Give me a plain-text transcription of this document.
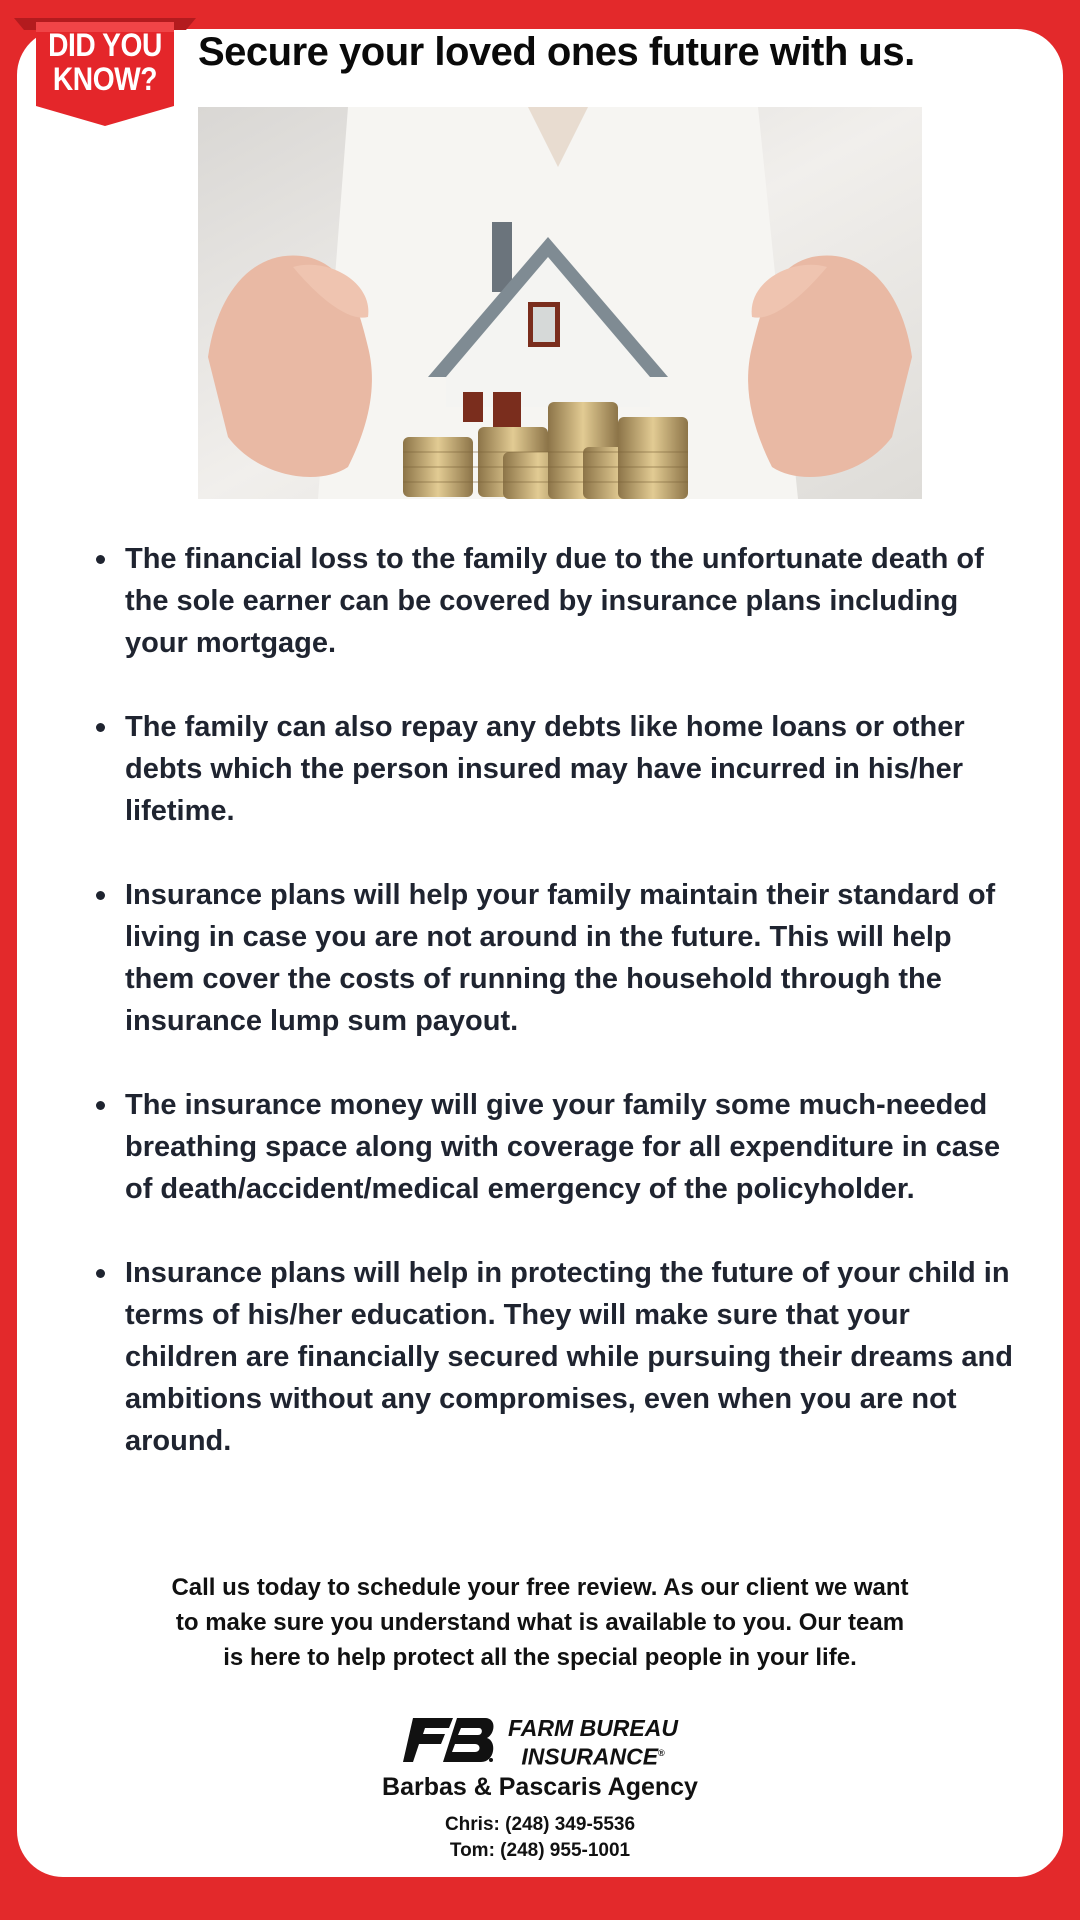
DID YOU
KNOW?
Secure your loved ones future with us.
The financial loss to the family due to the unfortunate death of the sole earner can be covered by insurance plans including your mortgage.
The family can also repay any debts like home loans or other debts which the person insured may have incurred in his/her lifetime.
Insurance plans will help your family maintain their standard of living in case you are not around in the future. This will help them cover the costs of running the household through the insurance lump sum payout.
The insurance money will give your family some much-needed breathing space along with coverage for all expenditure in case of death/accident/medical emergency of the policyholder.
Insurance plans will help in protecting the future of your child in terms of his/her education. They will make sure that your children are financially secured while pursuing their dreams and ambitions without any compromises, even when you are not around.
Call us today to schedule your free review. As our client we want
to make sure you understand what is available to you. Our team
is here to help protect all the special people in your life.
FARM BUREAU
INSURANCE®
Barbas & Pascaris Agency
Chris: (248) 349-5536
Tom: (248) 955-1001
